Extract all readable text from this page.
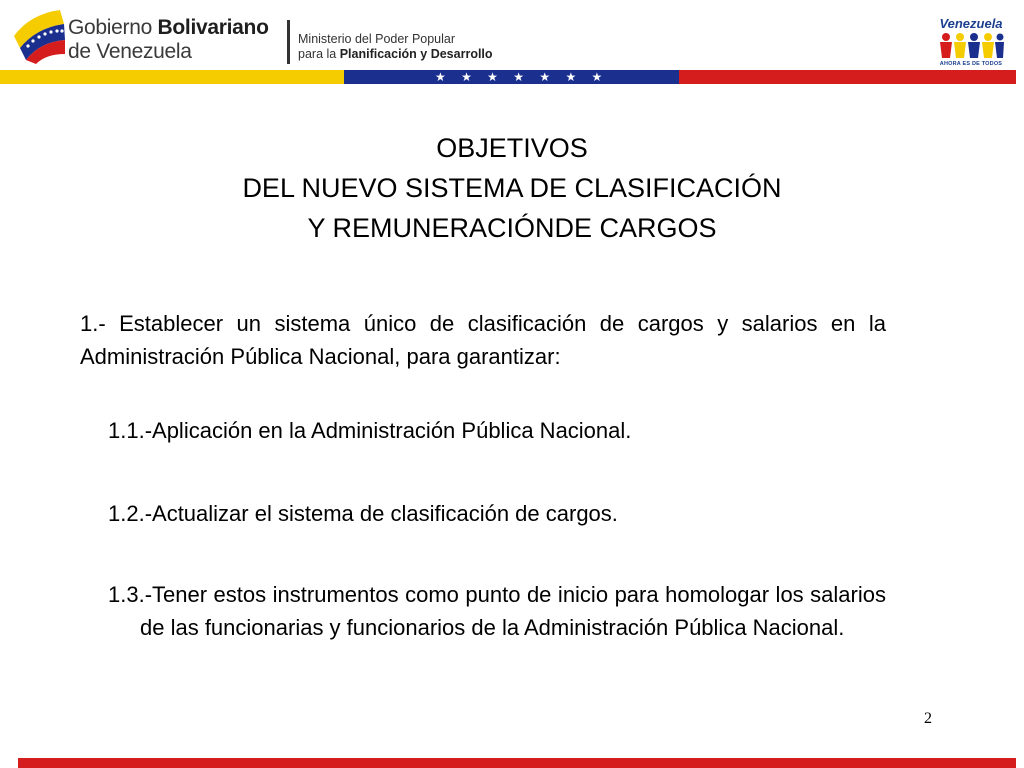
Gobierno Bolivariano
de Venezuela
Ministerio del Poder Popular
para la Planificación y Desarrollo
Venezuela
AHORA ES DE TODOS
★ ★ ★ ★ ★ ★ ★
OBJETIVOS
DEL NUEVO SISTEMA DE CLASIFICACIÓN
Y REMUNERACIÓNDE CARGOS
1.- Establecer un sistema único de clasificación de cargos y salarios en la Administración Pública Nacional, para garantizar:
1.1.-Aplicación en la Administración Pública Nacional.
1.2.-Actualizar el sistema de clasificación de cargos.
1.3.-Tener estos instrumentos como punto de inicio para homologar los salarios de las funcionarias y funcionarios de la Administración Pública Nacional.
2
